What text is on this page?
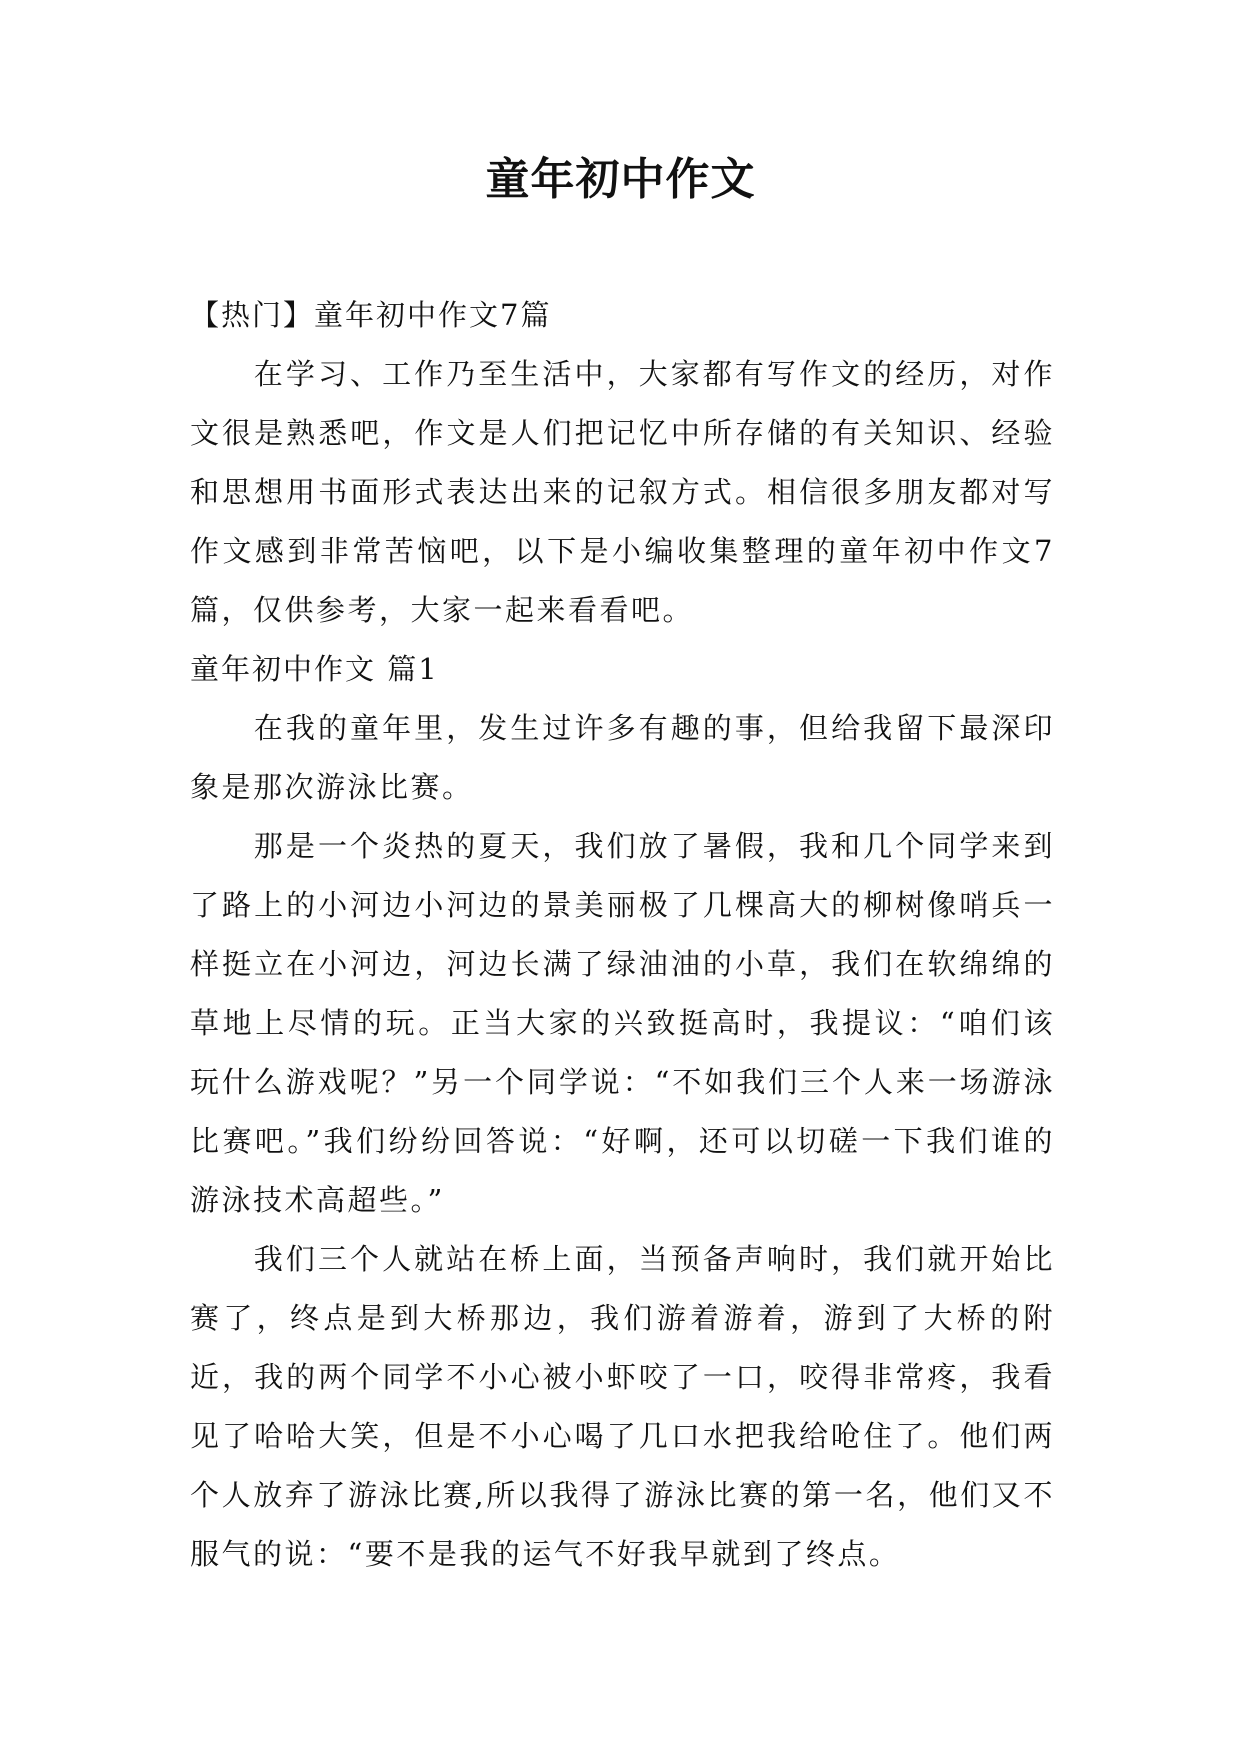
童年初中作文

【热门】童年初中作文7篇

在学习、工作乃至生活中，大家都有写作文的经历，对作文很是熟悉吧，作文是人们把记忆中所存储的有关知识、经验和思想用书面形式表达出来的记叙方式。相信很多朋友都对写作文感到非常苦恼吧，以下是小编收集整理的童年初中作文7篇，仅供参考，大家一起来看看吧。

童年初中作文 篇1

在我的童年里，发生过许多有趣的事，但给我留下最深印象是那次游泳比赛。

那是一个炎热的夏天，我们放了暑假，我和几个同学来到了路上的小河边小河边的景美丽极了几棵高大的柳树像哨兵一样挺立在小河边，河边长满了绿油油的小草，我们在软绵绵的草地上尽情的玩。正当大家的兴致挺高时，我提议：“咱们该玩什么游戏呢？”另一个同学说：“不如我们三个人来一场游泳比赛吧。”我们纷纷回答说：“好啊，还可以切磋一下我们谁的游泳技术高超些。”

我们三个人就站在桥上面，当预备声响时，我们就开始比赛了，终点是到大桥那边，我们游着游着，游到了大桥的附近，我的两个同学不小心被小虾咬了一口，咬得非常疼，我看见了哈哈大笑，但是不小心喝了几口水把我给呛住了。他们两个人放弃了游泳比赛,所以我得了游泳比赛的第一名，他们又不服气的说：“要不是我的运气不好我早就到了终点。
